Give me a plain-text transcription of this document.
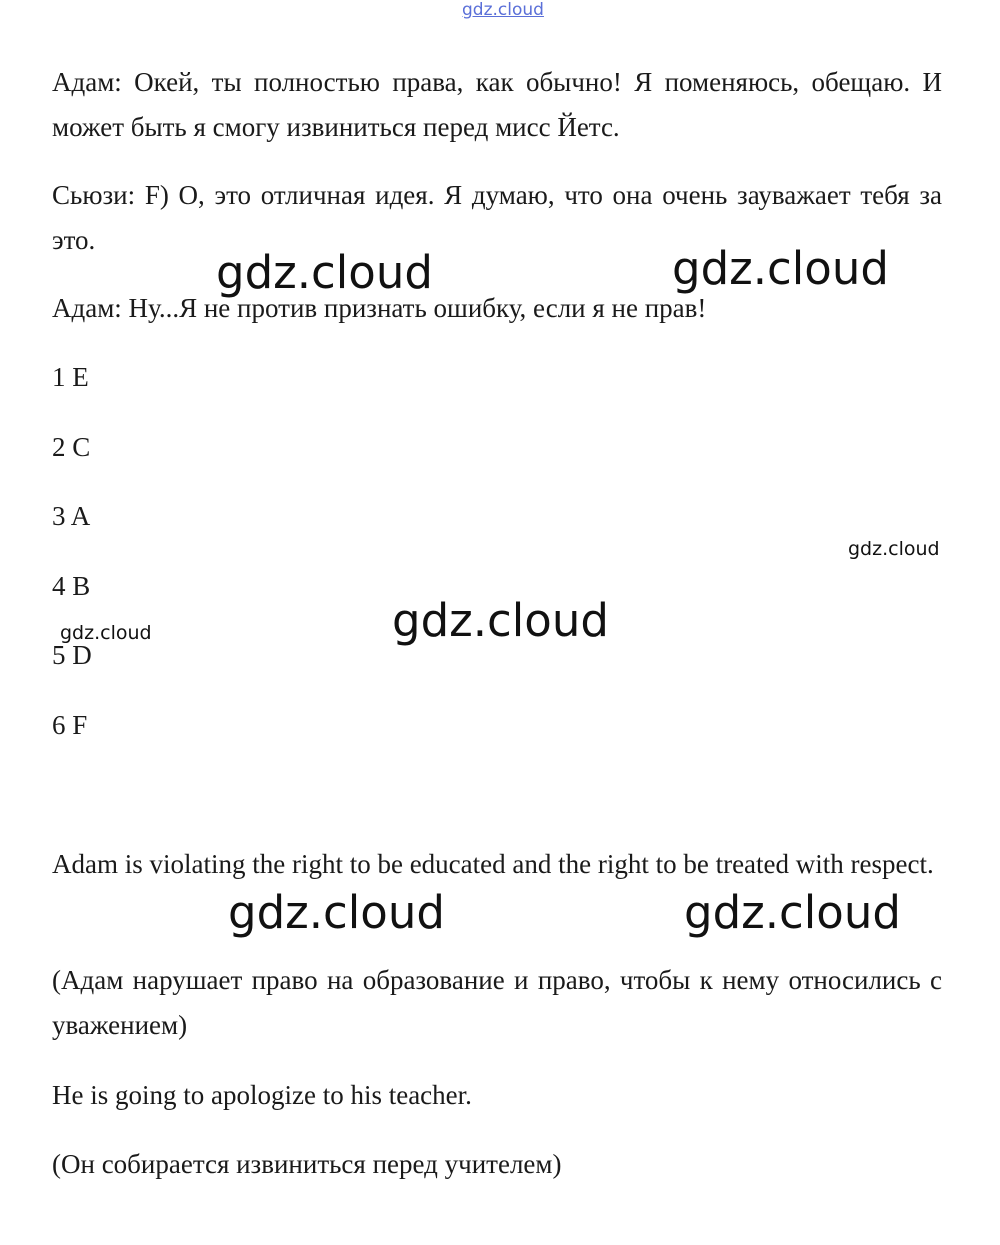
gdz.cloud

Адам: Окей, ты полностью права, как обычно! Я поменяюсь, обещаю. И может быть я смогу извиниться перед мисс Йетс.

Сьюзи: F) О, это отличная идея. Я думаю, что она очень зауважает тебя за это.

Адам: Ну...Я не против признать ошибку, если я не прав!

1 E
2 C
3 A
4 B
5 D
6 F

Adam is violating the right to be educated and the right to be treated with respect.

(Адам нарушает право на образование и право, чтобы к нему относились с уважением)

He is going to apologize to his teacher.

(Он собирается извиниться перед учителем)

gdz.cloud	gdz.cloud
gdz.cloud
gdz.cloud
gdz.cloud
gdz.cloud	gdz.cloud
